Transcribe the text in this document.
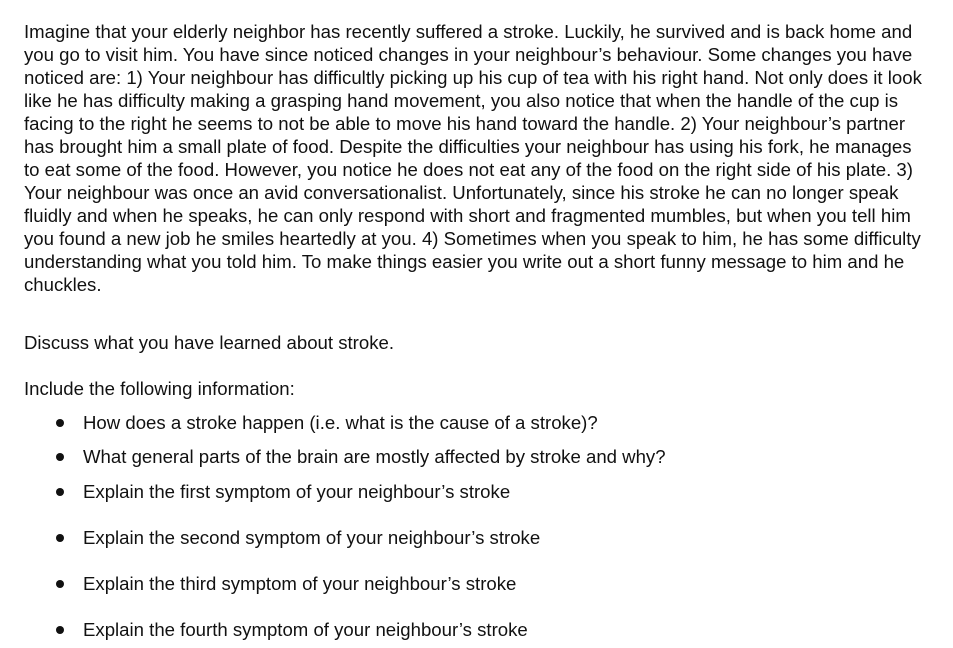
Imagine that your elderly neighbor has recently suffered a stroke. Luckily, he survived and is back home and you go to visit him. You have since noticed changes in your neighbour’s behaviour. Some changes you have noticed are: 1) Your neighbour has difficultly picking up his cup of tea with his right hand. Not only does it look like he has difficulty making a grasping hand movement, you also notice that when the handle of the cup is facing to the right he seems to not be able to move his hand toward the handle. 2) Your neighbour’s partner has brought him a small plate of food. Despite the difficulties your neighbour has using his fork, he manages to eat some of the food. However, you notice he does not eat any of the food on the right side of his plate. 3) Your neighbour was once an avid conversationalist. Unfortunately, since his stroke he can no longer speak fluidly and when he speaks, he can only respond with short and fragmented mumbles, but when you tell him you found a new job he smiles heartedly at you. 4) Sometimes when you speak to him, he has some difficulty understanding what you told him. To make things easier you write out a short funny message to him and he chuckles.

Discuss what you have learned about stroke.

Include the following information:

How does a stroke happen (i.e. what is the cause of a stroke)?
What general parts of the brain are mostly affected by stroke and why?
Explain the first symptom of your neighbour’s stroke
Explain the second symptom of your neighbour’s stroke
Explain the third symptom of your neighbour’s stroke
Explain the fourth symptom of your neighbour’s stroke
